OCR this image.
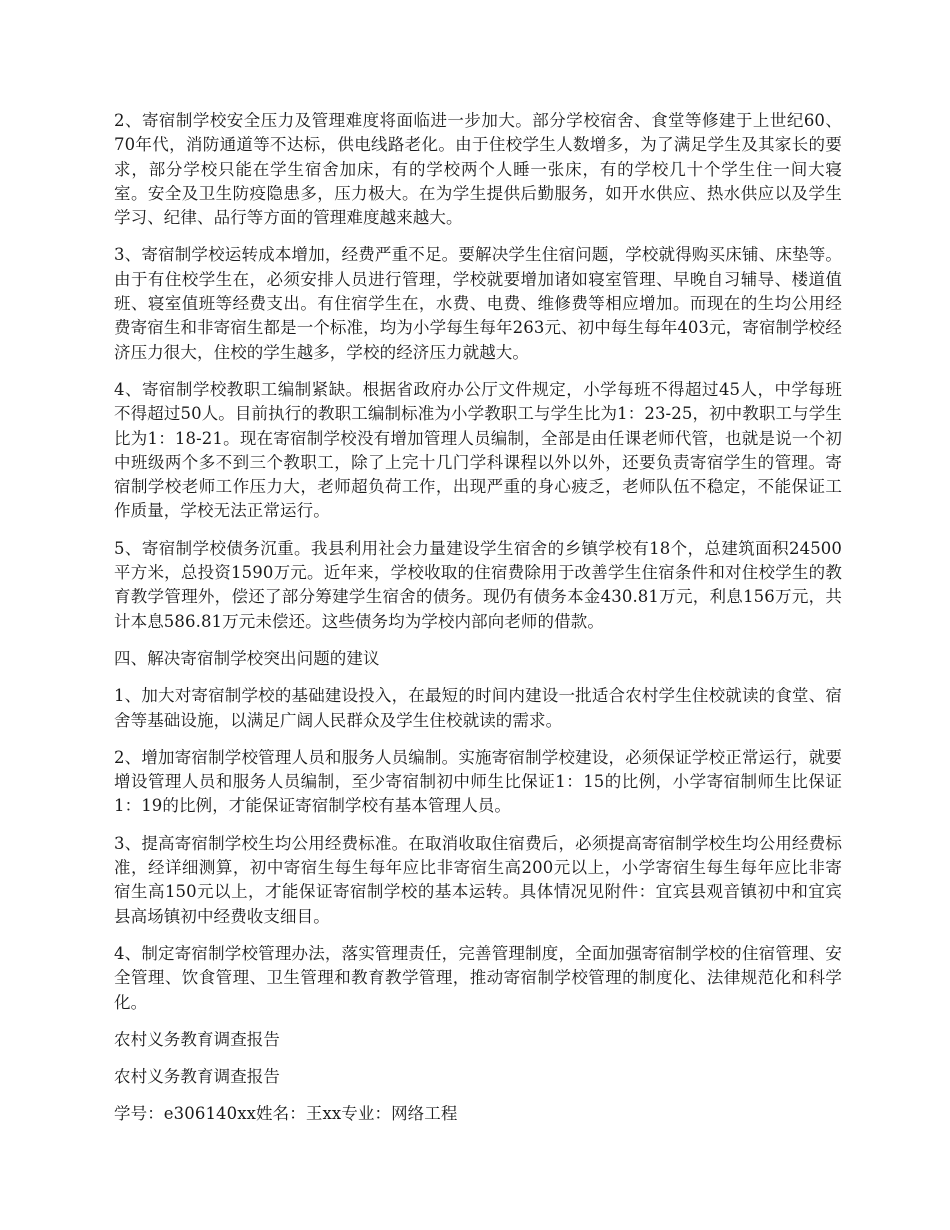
2、寄宿制学校安全压力及管理难度将面临进一步加大。部分学校宿舍、食堂等修建于上世纪60、70年代，消防通道等不达标，供电线路老化。由于住校学生人数增多，为了满足学生及其家长的要求，部分学校只能在学生宿舍加床，有的学校两个人睡一张床，有的学校几十个学生住一间大寝室。安全及卫生防疫隐患多，压力极大。在为学生提供后勤服务，如开水供应、热水供应以及学生学习、纪律、品行等方面的管理难度越来越大。

3、寄宿制学校运转成本增加，经费严重不足。要解决学生住宿问题，学校就得购买床铺、床垫等。由于有住校学生在，必须安排人员进行管理，学校就要增加诸如寝室管理、早晚自习辅导、楼道值班、寝室值班等经费支出。有住宿学生在，水费、电费、维修费等相应增加。而现在的生均公用经费寄宿生和非寄宿生都是一个标准，均为小学每生每年263元、初中每生每年403元，寄宿制学校经济压力很大，住校的学生越多，学校的经济压力就越大。

4、寄宿制学校教职工编制紧缺。根据省政府办公厅文件规定，小学每班不得超过45人，中学每班不得超过50人。目前执行的教职工编制标准为小学教职工与学生比为1：23-25，初中教职工与学生比为1：18-21。现在寄宿制学校没有增加管理人员编制，全部是由任课老师代管，也就是说一个初中班级两个多不到三个教职工，除了上完十几门学科课程以外以外，还要负责寄宿学生的管理。寄宿制学校老师工作压力大，老师超负荷工作，出现严重的身心疲乏，老师队伍不稳定，不能保证工作质量，学校无法正常运行。

5、寄宿制学校债务沉重。我县利用社会力量建设学生宿舍的乡镇学校有18个，总建筑面积24500平方米，总投资1590万元。近年来，学校收取的住宿费除用于改善学生住宿条件和对住校学生的教育教学管理外，偿还了部分筹建学生宿舍的债务。现仍有债务本金430.81万元，利息156万元，共计本息586.81万元未偿还。这些债务均为学校内部向老师的借款。

四、解决寄宿制学校突出问题的建议

1、加大对寄宿制学校的基础建设投入，在最短的时间内建设一批适合农村学生住校就读的食堂、宿舍等基础设施，以满足广阔人民群众及学生住校就读的需求。

2、增加寄宿制学校管理人员和服务人员编制。实施寄宿制学校建设，必须保证学校正常运行，就要增设管理人员和服务人员编制，至少寄宿制初中师生比保证1：15的比例，小学寄宿制师生比保证1：19的比例，才能保证寄宿制学校有基本管理人员。

3、提高寄宿制学校生均公用经费标准。在取消收取住宿费后，必须提高寄宿制学校生均公用经费标准，经详细测算，初中寄宿生每生每年应比非寄宿生高200元以上，小学寄宿生每生每年应比非寄宿生高150元以上，才能保证寄宿制学校的基本运转。具体情况见附件：宜宾县观音镇初中和宜宾县高场镇初中经费收支细目。

4、制定寄宿制学校管理办法，落实管理责任，完善管理制度，全面加强寄宿制学校的住宿管理、安全管理、饮食管理、卫生管理和教育教学管理，推动寄宿制学校管理的制度化、法律规范化和科学化。

农村义务教育调查报告

农村义务教育调查报告

学号：e306140xx姓名：王xx专业：网络工程
